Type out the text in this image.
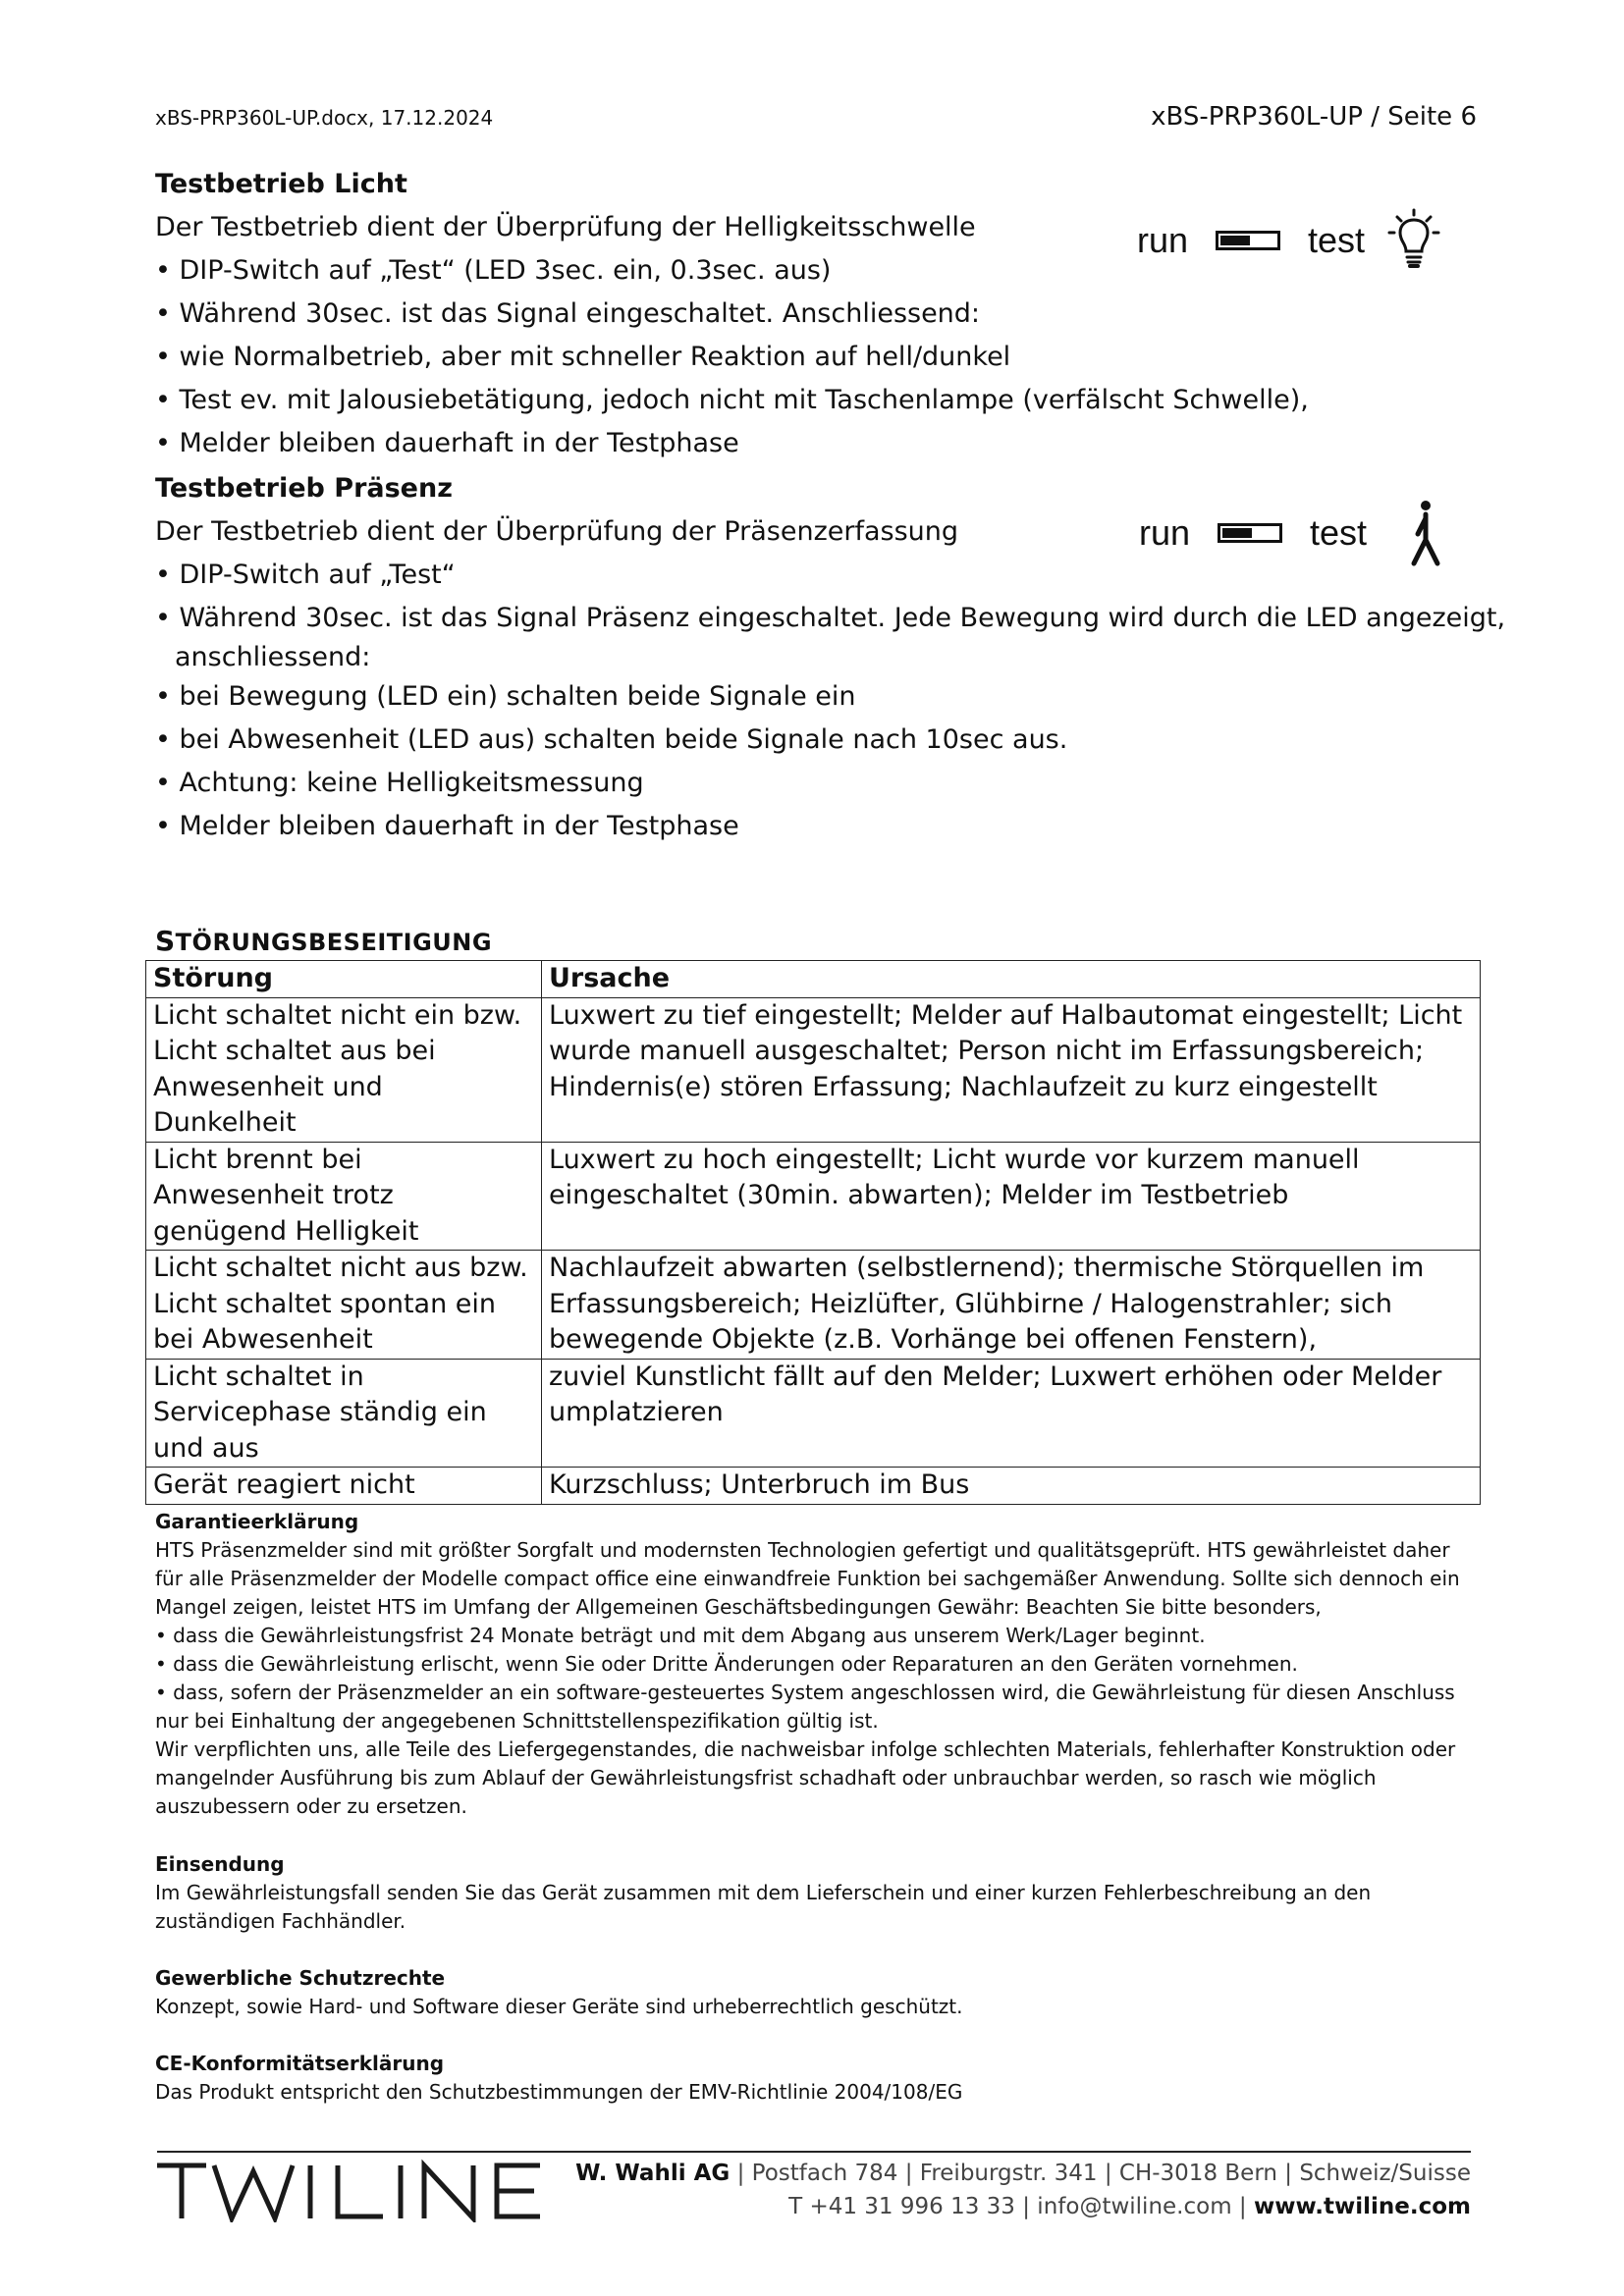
xBS-PRP360L-UP.docx, 17.12.2024	xBS-PRP360L-UP / Seite 6
Testbetrieb Licht
Der Testbetrieb dient der Überprüfung der Helligkeitsschwelle
• DIP-Switch auf „Test“ (LED 3sec. ein, 0.3sec. aus)
• Während 30sec. ist das Signal eingeschaltet. Anschliessend:
• wie Normalbetrieb, aber mit schneller Reaktion auf hell/dunkel
• Test ev. mit Jalousiebetätigung, jedoch nicht mit Taschenlampe (verfälscht Schwelle),
• Melder bleiben dauerhaft in der Testphase
run	test
Testbetrieb Präsenz
Der Testbetrieb dient der Überprüfung der Präsenzerfassung
• DIP-Switch auf „Test“
• Während 30sec. ist das Signal Präsenz eingeschaltet. Jede Bewegung wird durch die LED angezeigt,
anschliessend:
• bei Bewegung (LED ein) schalten beide Signale ein
• bei Abwesenheit (LED aus) schalten beide Signale nach 10sec aus.
• Achtung: keine Helligkeitsmessung
• Melder bleiben dauerhaft in der Testphase
run	test
STÖRUNGSBESEITIGUNG
Störung	Ursache
Licht schaltet nicht ein bzw. Licht schaltet aus bei Anwesenheit und Dunkelheit	Luxwert zu tief eingestellt; Melder auf Halbautomat eingestellt; Licht wurde manuell ausgeschaltet; Person nicht im Erfassungsbereich; Hindernis(e) stören Erfassung; Nachlaufzeit zu kurz eingestellt
Licht brennt bei Anwesenheit trotz genügend Helligkeit	Luxwert zu hoch eingestellt; Licht wurde vor kurzem manuell eingeschaltet (30min. abwarten); Melder im Testbetrieb
Licht schaltet nicht aus bzw. Licht schaltet spontan ein bei Abwesenheit	Nachlaufzeit abwarten (selbstlernend); thermische Störquellen im Erfassungsbereich; Heizlüfter, Glühbirne / Halogenstrahler; sich bewegende Objekte (z.B. Vorhänge bei offenen Fenstern),
Licht schaltet in Servicephase ständig ein und aus	zuviel Kunstlicht fällt auf den Melder; Luxwert erhöhen oder Melder umplatzieren
Gerät reagiert nicht	Kurzschluss; Unterbruch im Bus
Garantieerklärung
HTS Präsenzmelder sind mit größter Sorgfalt und modernsten Technologien gefertigt und qualitätsgeprüft. HTS gewährleistet daher
für alle Präsenzmelder der Modelle compact office eine einwandfreie Funktion bei sachgemäßer Anwendung. Sollte sich dennoch ein
Mangel zeigen, leistet HTS im Umfang der Allgemeinen Geschäftsbedingungen Gewähr: Beachten Sie bitte besonders,
• dass die Gewährleistungsfrist 24 Monate beträgt und mit dem Abgang aus unserem Werk/Lager beginnt.
• dass die Gewährleistung erlischt, wenn Sie oder Dritte Änderungen oder Reparaturen an den Geräten vornehmen.
• dass, sofern der Präsenzmelder an ein software-gesteuertes System angeschlossen wird, die Gewährleistung für diesen Anschluss
nur bei Einhaltung der angegebenen Schnittstellenspezifikation gültig ist.
Wir verpflichten uns, alle Teile des Liefergegenstandes, die nachweisbar infolge schlechten Materials, fehlerhafter Konstruktion oder
mangelnder Ausführung bis zum Ablauf der Gewährleistungsfrist schadhaft oder unbrauchbar werden, so rasch wie möglich
auszubessern oder zu ersetzen.
Einsendung
Im Gewährleistungsfall senden Sie das Gerät zusammen mit dem Lieferschein und einer kurzen Fehlerbeschreibung an den
zuständigen Fachhändler.
Gewerbliche Schutzrechte
Konzept, sowie Hard- und Software dieser Geräte sind urheberrechtlich geschützt.
CE-Konformitätserklärung
Das Produkt entspricht den Schutzbestimmungen der EMV-Richtlinie 2004/108/EG
W. Wahli AG | Postfach 784 | Freiburgstr. 341 | CH-3018 Bern | Schweiz/Suisse
T +41 31 996 13 33 | info@twiline.com | www.twiline.com
